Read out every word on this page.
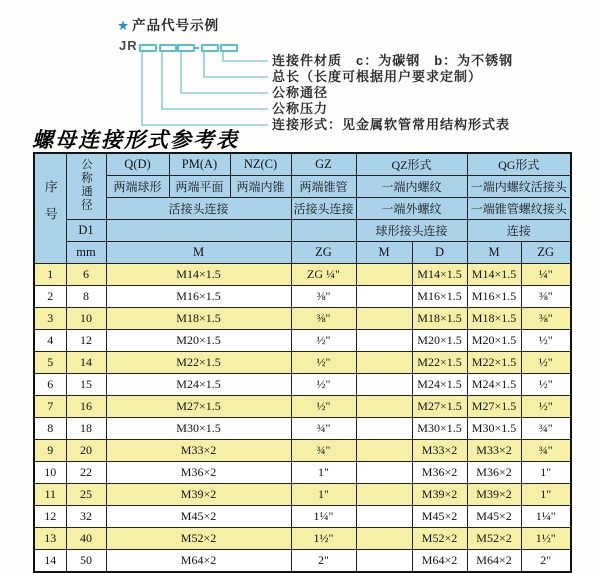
★ 产品代号示例
JR
连接件材质　c：为碳钢　b：为不锈钢
总长（长度可根据用户要求定制）
公称通径
公称压力
连接形式：见金属软管常用结构形式表
螺母连接形式参考表
序号	公称通径	Q(D)	PM(A)	NZ(C)	GZ	QZ形式		QG形式	
		两端球形	两端平面	两端内锥	两端锥管	一端内螺纹		一端内螺纹活接头	
		活接头连接			活接头连接	一端外螺纹		一端锥管螺纹接头	
	D1					球形接头连接		连接	
	mm	M			ZG	M	D	M	ZG
1	6	M14×1.5			ZG ¼"		M14×1.5	M14×1.5	¼"
2	8	M16×1.5			⅜"		M16×1.5	M16×1.5	⅜"
3	10	M18×1.5			⅜"		M18×1.5	M18×1.5	⅜"
4	12	M20×1.5			½"		M20×1.5	M20×1.5	½"
5	14	M22×1.5			½"		M22×1.5	M22×1.5	½"
6	15	M24×1.5			½"		M24×1.5	M24×1.5	½"
7	16	M27×1.5			½"		M27×1.5	M27×1.5	½"
8	18	M30×1.5			¾"		M30×1.5	M30×1.5	¾"
9	20	M33×2			¾"		M33×2	M33×2	¾"
10	22	M36×2			1"		M36×2	M36×2	1"
11	25	M39×2			1"		M39×2	M39×2	1"
12	32	M45×2			1¼"		M45×2	M45×2	1¼"
13	40	M52×2			1½"		M52×2	M52×2	1½"
14	50	M64×2			2"		M64×2	M64×2	2"
